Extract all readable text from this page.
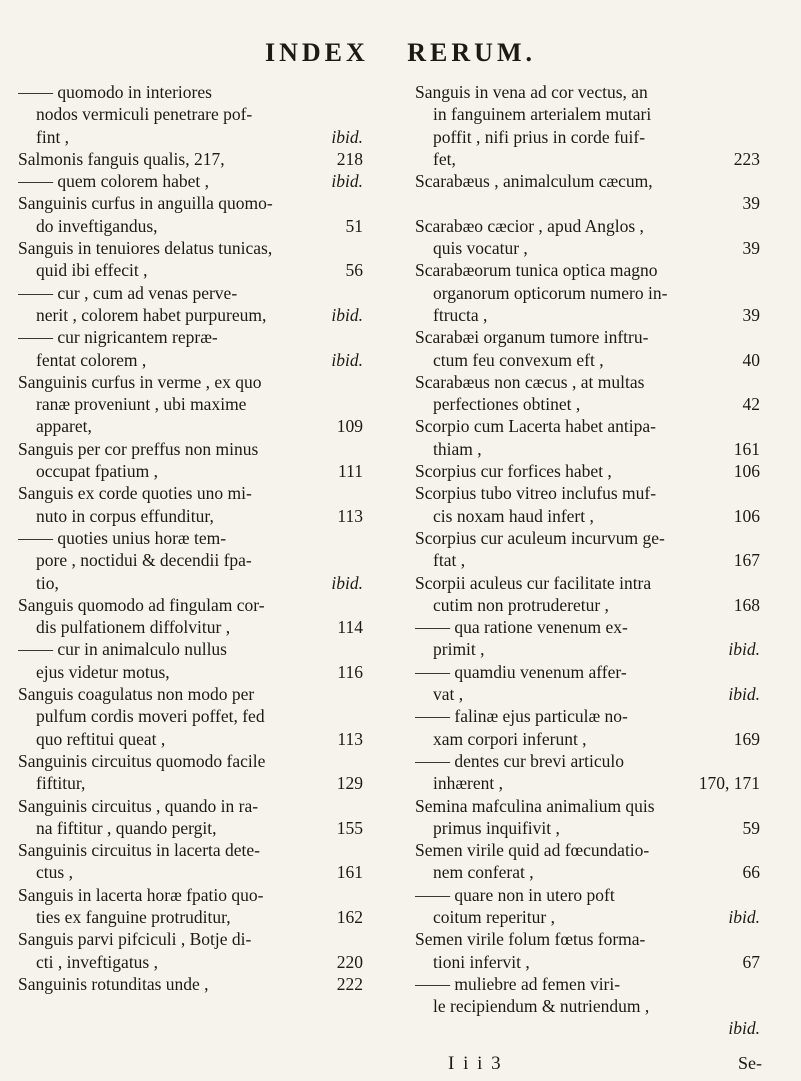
INDEX RERUM.
—— quomodo in interiores
nodos vermiculi penetrare pof-
fint ,	ibid.
Salmonis fanguis qualis, 217,	218
—— quem colorem habet ,	ibid.
Sanguinis curfus in anguilla quomo-
do inveftigandus,	51
Sanguis in tenuiores delatus tunicas,
quid ibi effecit ,	56
—— cur , cum ad venas perve-
nerit , colorem habet purpureum,	ibid.
—— cur nigricantem repræ-
fentat colorem ,	ibid.
Sanguinis curfus in verme , ex quo
ranæ proveniunt , ubi maxime
apparet,	109
Sanguis per cor preffus non minus
occupat fpatium ,	111
Sanguis ex corde quoties uno mi-
nuto in corpus effunditur,	113
—— quoties unius horæ tem-
pore , noctidui & decendii fpa-
tio,	ibid.
Sanguis quomodo ad fingulam cor-
dis pulfationem diffolvitur ,	114
—— cur in animalculo nullus
ejus videtur motus,	116
Sanguis coagulatus non modo per
pulfum cordis moveri poffet, fed
quo reftitui queat ,	113
Sanguinis circuitus quomodo facile
fiftitur,	129
Sanguinis circuitus , quando in ra-
na fiftitur , quando pergit,	155
Sanguinis circuitus in lacerta dete-
ctus ,	161
Sanguis in lacerta horæ fpatio quo-
ties ex fanguine protruditur,	162
Sanguis parvi pifciculi , Botje di-
cti , inveftigatus ,	220
Sanguinis rotunditas unde ,	222
Sanguis in vena ad cor vectus, an
in fanguinem arterialem mutari
poffit , nifi prius in corde fuif-
fet,	223
Scarabæus , animalculum cæcum,
39
Scarabæo cæcior , apud Anglos ,
quis vocatur ,	39
Scarabæorum tunica optica magno
organorum opticorum numero in-
ftructa ,	39
Scarabæi organum tumore inftru-
ctum feu convexum eft ,	40
Scarabæus non cæcus , at multas
perfectiones obtinet ,	42
Scorpio cum Lacerta habet antipa-
thiam ,	161
Scorpius cur forfices habet ,	106
Scorpius tubo vitreo inclufus muf-
cis noxam haud infert ,	106
Scorpius cur aculeum incurvum ge-
ftat ,	167
Scorpii aculeus cur facilitate intra
cutim non protruderetur ,	168
—— qua ratione venenum ex-
primit ,	ibid.
—— quamdiu venenum affer-
vat ,	ibid.
—— falinæ ejus particulæ no-
xam corpori inferunt ,	169
—— dentes cur brevi articulo
inhærent ,	170, 171
Semina mafculina animalium quis
primus inquifivit ,	59
Semen virile quid ad fœcundatio-
nem conferat ,	66
—— quare non in utero poft
coitum reperitur ,	ibid.
Semen virile folum fœtus forma-
tioni infervit ,	67
—— muliebre ad femen viri-
le recipiendum & nutriendum ,
ibid.
I i i 3	Se-
